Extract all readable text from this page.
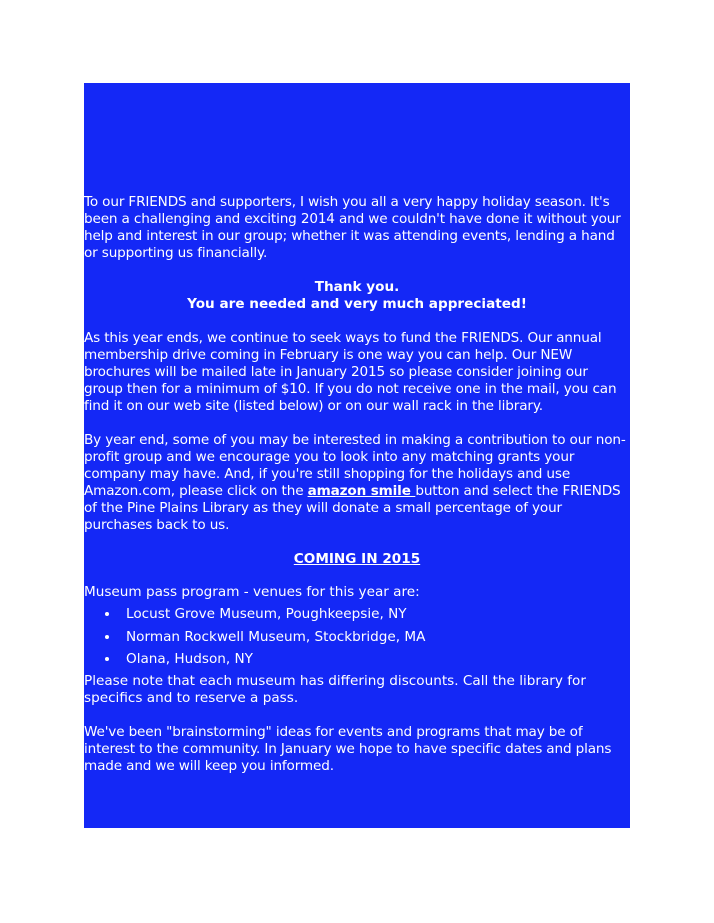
To our FRIENDS and supporters, I wish you all a very happy holiday season. It's been a challenging and exciting 2014 and we couldn't have done it without your help and interest in our group; whether it was attending events, lending a hand or supporting us financially.

Thank you.

You are needed and very much appreciated!

As this year ends, we continue to seek ways to fund the FRIENDS. Our annual membership drive coming in February is one way you can help. Our NEW brochures will be mailed late in January 2015 so please consider joining our group then for a minimum of $10. If you do not receive one in the mail, you can find it on our web site (listed below) or on our wall rack in the library.

By year end, some of you may be interested in making a contribution to our non-profit group and we encourage you to look into any matching grants your company may have. And, if you're still shopping for the holidays and use Amazon.com, please click on the amazon smile button and select the FRIENDS of the Pine Plains Library as they will donate a small percentage of your purchases back to us.

COMING IN 2015

Museum pass program - venues for this year are:

Locust Grove Museum, Poughkeepsie, NY
Norman Rockwell Museum, Stockbridge, MA
Olana, Hudson, NY

Please note that each museum has differing discounts. Call the library for specifics and to reserve a pass.

We've been "brainstorming" ideas for events and programs that may be of interest to the community. In January we hope to have specific dates and plans made and we will keep you informed.
